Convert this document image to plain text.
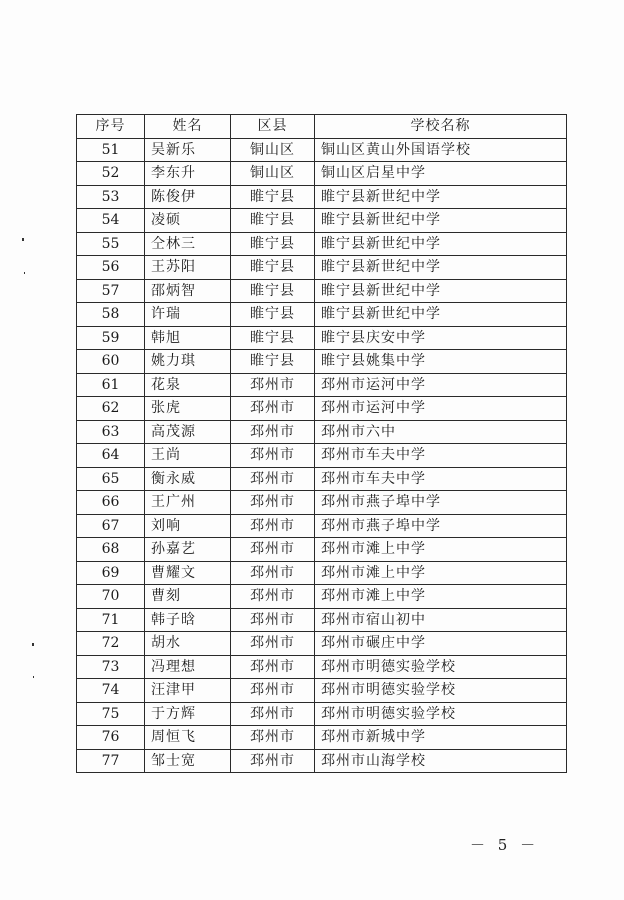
序号	姓名	区县	学校名称
51	吴新乐	铜山区	铜山区黄山外国语学校
52	李东升	铜山区	铜山区启星中学
53	陈俊伊	睢宁县	睢宁县新世纪中学
54	凌硕	睢宁县	睢宁县新世纪中学
55	仝林三	睢宁县	睢宁县新世纪中学
56	王苏阳	睢宁县	睢宁县新世纪中学
57	邵炳智	睢宁县	睢宁县新世纪中学
58	许瑞	睢宁县	睢宁县新世纪中学
59	韩旭	睢宁县	睢宁县庆安中学
60	姚力琪	睢宁县	睢宁县姚集中学
61	花泉	邳州市	邳州市运河中学
62	张虎	邳州市	邳州市运河中学
63	高茂源	邳州市	邳州市六中
64	王尚	邳州市	邳州市车夫中学
65	衡永威	邳州市	邳州市车夫中学
66	王广州	邳州市	邳州市燕子埠中学
67	刘响	邳州市	邳州市燕子埠中学
68	孙嘉艺	邳州市	邳州市滩上中学
69	曹耀文	邳州市	邳州市滩上中学
70	曹刻	邳州市	邳州市滩上中学
71	韩子晗	邳州市	邳州市宿山初中
72	胡水	邳州市	邳州市碾庄中学
73	冯理想	邳州市	邳州市明德实验学校
74	汪津甲	邳州市	邳州市明德实验学校
75	于方辉	邳州市	邳州市明德实验学校
76	周恒飞	邳州市	邳州市新城中学
77	邹士宽	邳州市	邳州市山海学校
－ 5 －
